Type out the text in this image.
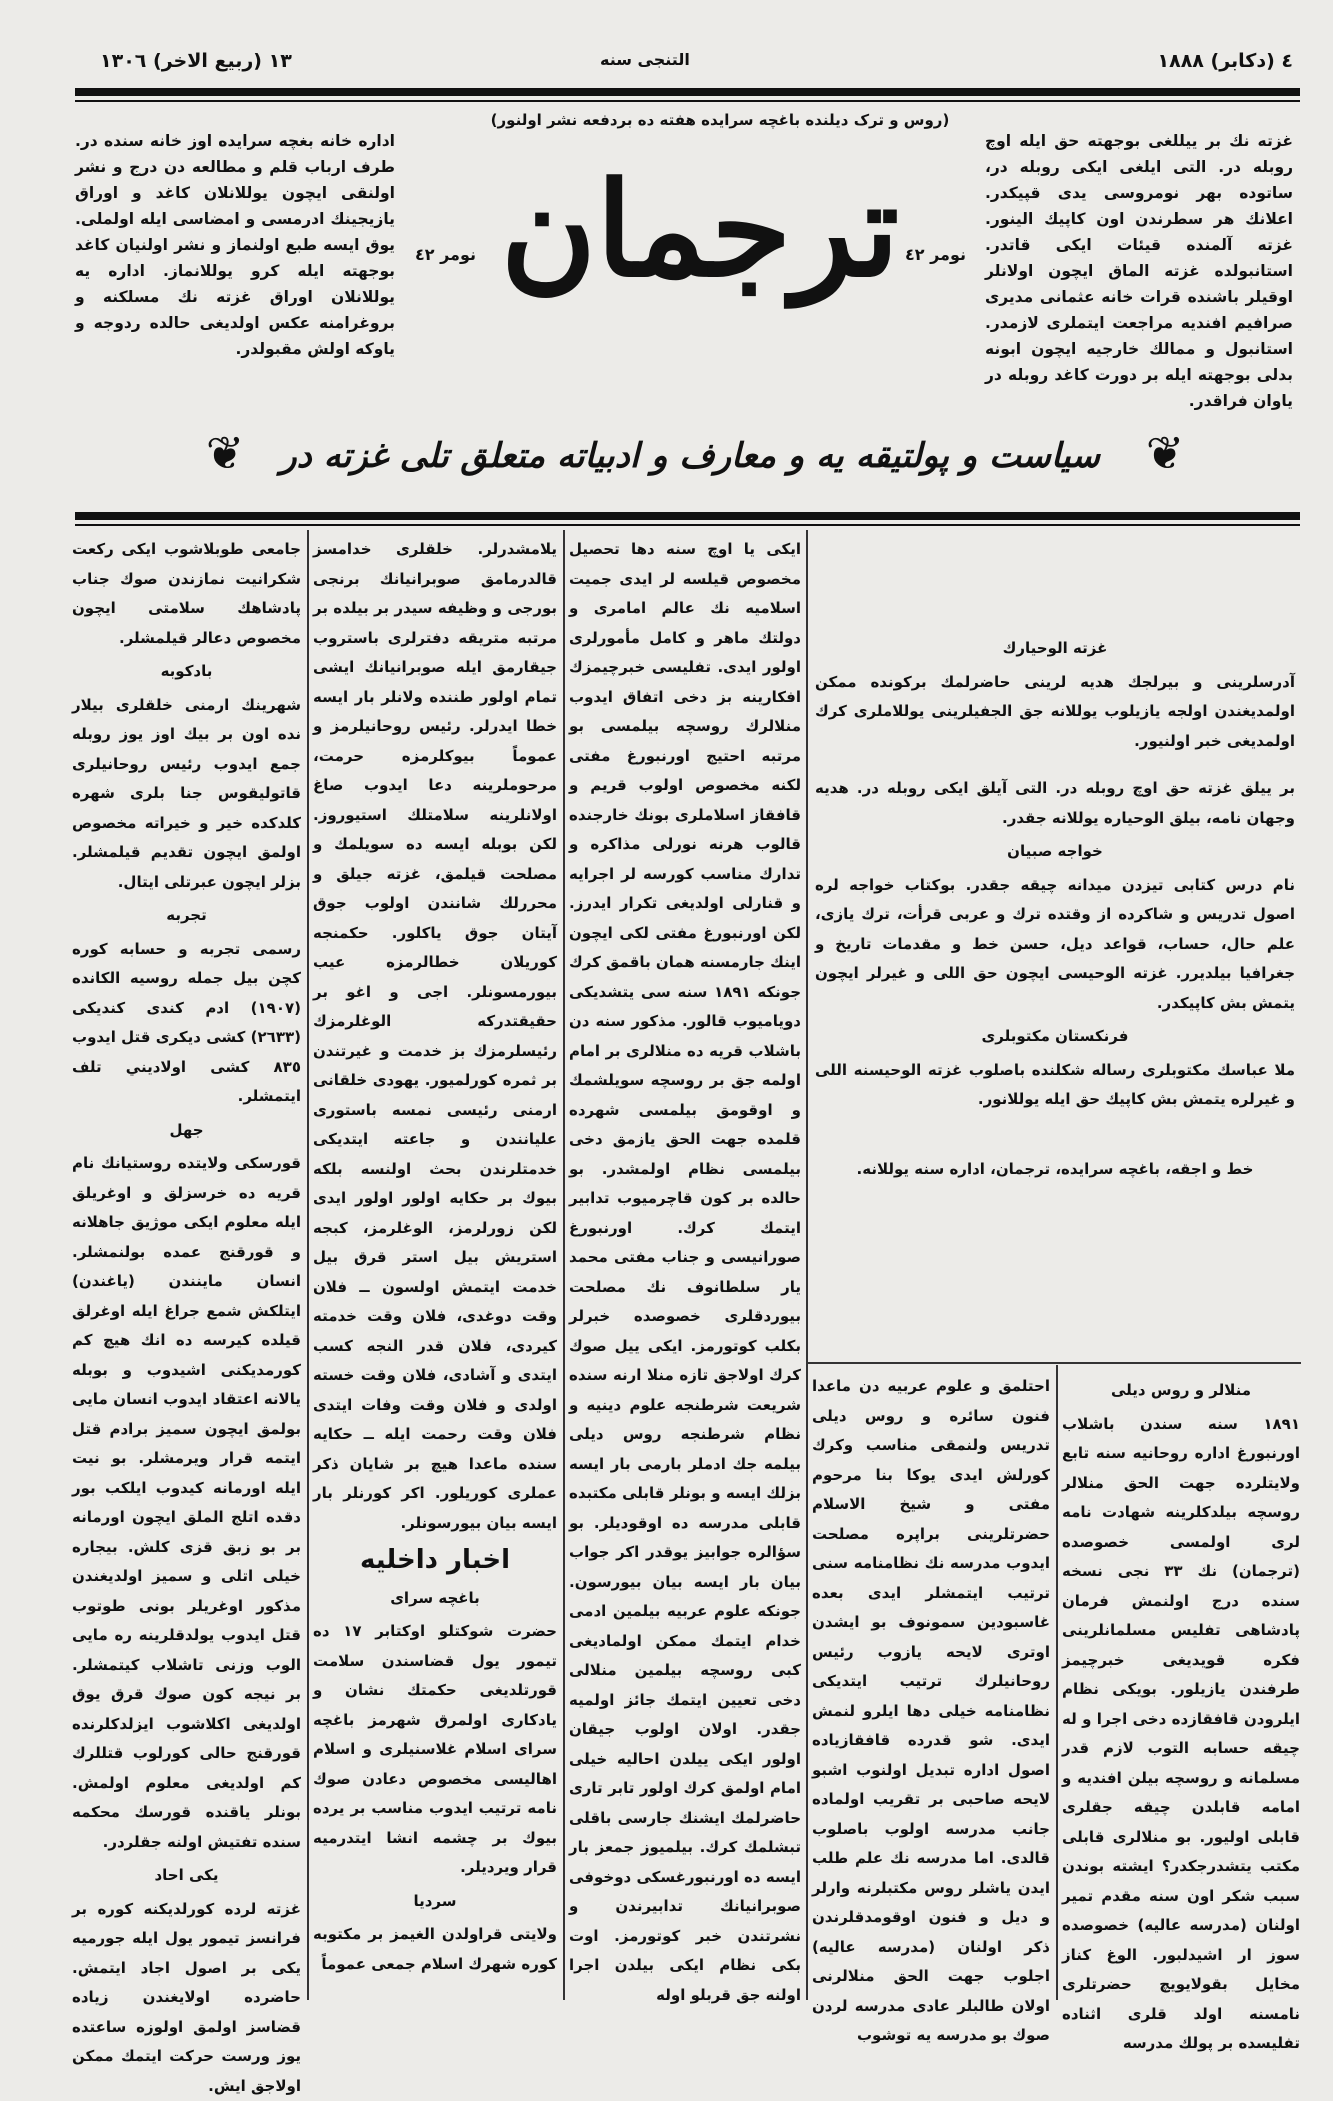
٤ (دكابر) ١٨٨٨
التنجی سنه
١٣ (ربیع الاخر) ١٣٠٦
(روس و ترک دیلنده باغچه سرایده هفته ده بردفعه نشر اولنور)
غزته نك بر ييللغی بوجهته حق ايله اوچ روبله در. التی ايلغی ايكی روبله در، ساتوده بهر نومروسی يدی قپيكدر. اعلانك هر سطرندن اون كاپيك الينور. غزته آلمنده قيئات ايكی قاتدر. استانبولده غزته الماق ايچون اولانلر اوقيلر باشنده قرات خانه عثمانی مديری صرافيم افنديه مراجعت ايتملری لازمدر. استانبول و ممالك خارجيه ايچون ابونه بدلی بوجهته ايله بر دورت كاغد روبله در ياوان فراقدر.
اداره خانه بغچه سرايده اوز خانه سنده در. طرف ارباب قلم و مطالعه دن درج و نشر اولنقی ايچون يوللانلان كاغد و اوراق يازيجينك ادرمسی و امضاسی ايله اولملی. يوق ايسه طبع اولنماز و نشر اولنيان كاغد بوجهته ايله كرو يوللانماز. اداره يه يوللانلان اوراق غزته نك مسلكنه و بروغرامنه عكس اولديغی حالده ردوجه و ياوكه اولش مقبولدر.
ترجمان
نومر ٤٢	نومر ٤٢
❦	❦
سياست و پولتيقه يه و معارف و ادبياته متعلق تلی غزته در
غزته الوحيارك

آدرسلرينی و بيرلجك هديه لرينی حاضرلمك بركونده ممكن اولمدیغندن اولجه يازيلوب يوللانه جق الجفيلرينی يوللاملری كرك اولمديغی خبر اولنيور.

بر ييلق غزته حق اوچ روبله در. التی آيلق ايكی روبله در. هديه وجهان نامه، بيلق الوحياره يوللانه جقدر.

خواجه صبيان

نام درس كتابی تيزدن ميدانه چيقه جقدر. بوكتاب خواجه لره اصول تدريس و شاكرده از وقتده ترك و عربی قرأت، ترك يازی، علم حال، حساب، قواعد ديل، حسن خط و مقدمات تاريخ و جغرافيا بيلديرر. غزته الوحيسی ايچون حق اللی و غيرلر ايچون يتمش بش كاپيكدر.

فرنكستان مكتوبلری

ملا عباسك مكتوبلری رساله شكلنده باصلوب غزته الوحيسنه اللی و غيرلره يتمش بش كاپيك حق ايله يوللانور.

خط و اجقه، باغچه سرايده، ترجمان، اداره سنه يوللانه.

منلالر و روس ديلی

١٨٩١ سنه سندن باشلاب اورنبورغ اداره روحانيه سنه تابع ولايتلرده جهت الحق منلالر روسچه بيلدكلرينه شهادت نامه لری اولمسی خصوصده (ترجمان) نك ٣٣ نجی نسخه سنده درج اولنمش فرمان پادشاهی تفليس مسلمانلرينی فكره قويديغی خبرچيمز طرفندن يازيلور. بويكی نظام ايلرودن قافقازده دخی اجرا و له چيقه حسابه التوب لازم قدر مسلمانه و روسچه بيلن افنديه و امامه قابلدن چيقه جقلری قابلی اوليور. بو منلالری قابلی مكتب يتشدرجكدر؟ ايشته بوندن سبب شكر اون سنه مقدم تمير اولنان (مدرسه عاليه) خصوصده سوز ار اشيدلبور. الوغ كناز مخايل بقولايويچ حضرتلری نامسنه اولد قلری اثناده تفليسده بر پولك مدرسه

احتلمق و علوم عربيه دن ماعدا فنون سائره و روس ديلی تدريس ولنمقی مناسب وكرك كورلش ايدی يوكا بنا مرحوم مفتی و شيخ الاسلام حضرتلرينی براپره مصلحت ايدوب مدرسه نك نظامنامه سنی ترتيب ايتمشلر ايدی بعده غاسبودين سمونوف بو ايشدن اوتری لايحه يازوب رئيس روحانيلرك ترتيب ايتديكی نظامنامه خيلی دها ايلرو لنمش ايدی. شو قدرده قافقازياده اصول اداره تبديل اولنوب اشبو لايحه صاحبی بر تقريب اولماده جانب مدرسه اولوب باصلوب قالدی. اما مدرسه نك علم طلب ايدن ياشلر روس مكتبلرنه وارلر و ديل و فنون اوقومدقلرندن ذكر اولنان (مدرسه عاليه) اجلوب جهت الحق منلالرنی اولان طالبلر عادی مدرسه لردن صوك بو مدرسه يه توشوب

ايكی يا اوچ سنه دها تحصيل مخصوص قيلسه لر ايدی جميت اسلاميه نك عالم امامری و دولتك ماهر و كامل مأمورلری اولور ايدی. تفليسی خبرچيمزك افكارينه بز دخی اتفاق ايدوب منلالرك روسچه بيلمسی بو مرتبه احتيج اورنبورغ مفتی لكنه مخصوص اولوب قريم و قافقاز اسلاملری بونك خارجنده قالوب هرنه نورلی مذاكره و تدارك مناسب كورسه لر اجرايه و قنارلی اولديغی تكرار ايدرز. لكن اورنبورغ مفتی لكی ايچون اينك جارمسنه همان باقمق كرك جونكه ١٨٩١ سنه سی يتشديكی دوياميوب قالور. مذكور سنه دن باشلاب قريه ده منلالری بر امام اولمه جق بر روسچه سويلشمك و اوقومق بيلمسی شهرده قلمده جهت الحق يازمق دخی بيلمسی نظام اولمشدر. بو حالده بر كون قاچرميوب تدابير ايتمك كرك. اورنبورغ صورانيسی و جناب مفتی محمد يار سلطانوف نك مصلحت بيوردقلری خصوصده خبرلر بكلب كوتورمز. ايكی ييل صوك كرك اولاجق تازه منلا ارنه سنده شريعت شرطنجه علوم دينيه و نظام شرطنجه روس ديلی بيلمه جك ادملر بارمی بار ايسه بزلك ايسه و بونلر قابلی مكتبده قابلی مدرسه ده اوقوديلر. بو سؤالره جوابيز يوقدر اكر جواب بيان بار ايسه بيان بيورسون. جونكه علوم عربيه بيلمين ادمی خدام ايتمك ممكن اولماديغی كبی روسچه بيلمين منلالی دخی تعيين ايتمك جائز اولميه جقدر. اولان اولوب جيقان اولور ايكی ييلدن احاليه خيلی امام اولمق كرك اولور تابر تاری حاضرلمك ايشنك جارسی باقلی تبشلمك كرك. بيلميوز جمعز بار ايسه ده اورنبورغسكی دوخوفی صوبرانيانك تدابيرندن و نشرتندن خبر كوتورمز. اوت بكی نظام ايكی بيلدن اجرا اولنه جق قربلو اوله

يلامشدرلر. خلقلری خدامسز قالدرمامق صوبرانيانك برنجی بورجی و وظيفه سيدر بر بيلده بر مرتبه متريقه دفترلری باستروب جيقارمق ايله صوبرانيانك ايشی تمام اولور طننده ولانلر بار ايسه خطا ايدرلر. رئيس روحانيلرمز و عموماً بيوكلرمزه حرمت، مرحوملرينه دعا ايدوب صاغ اولانلرينه سلامتلك استيوروز. لكن بوبله ايسه ده سويلمك و مصلحت قيلمق، غزته جيلق و محررلك شانندن اولوب جوق آيتان جوق ياكلور. حكمنجه كوريلان خطالرمزه عيب بيورمسونلر. اجی و اغو بر حقيقتدركه الوغلرمزك رئيسلرمزك بز خدمت و غيرتندن بر ثمره كورلميور. يهودی خلقانی ارمنی رئيسی نمسه باستوری عليانندن و جاعته ايتديكی خدمتلرندن بحث اولنسه بلكه بيوك بر حكايه اولور اولور ايدی لكن زورلرمز، الوغلرمز، كبجه استريش بيل استر قرق بيل خدمت ايتمش اولسون ــ فلان وقت دوغدی، فلان وقت خدمته كيردی، فلان قدر النجه كسب ايتدی و آشادی، فلان وقت خسته اولدی و فلان وقت وفات ايتدی فلان وقت رحمت ايله ــ حكايه سنده ماعدا هيچ بر شايان ذكر عملری كوريلور. اكر كورنلر بار ايسه بيان بيورسونلر.

اخبار داخليه
باغچه سرای

حضرت شوكتلو اوكتابر ١٧ ده تيمور يول قضاسندن سلامت قورتلديغی حكمتك نشان و يادكاری اولمرق شهرمز باغچه سرای اسلام غلاسنيلری و اسلام اهاليسی مخصوص دعادن صوك نامه ترتيب ايدوب مناسب بر يرده بيوك بر چشمه انشا ايتدرميه قرار ويرديلر.

سرديا

ولايتی قراولدن الغيمز بر مكتوبه كوره شهرك اسلام جمعی عموماً

جامعی طوبلاشوب ايكی ركعت شكرانيت نمازندن صوك جناب پادشاهك سلامتی ايچون مخصوص دعالر قيلمشلر.

بادكوبه

شهرينك ارمنی خلقلری بيلار نده اون بر بيك اوز يوز روبله جمع ايدوب رئيس روحانيلری قاتوليقوس جنا بلری شهره كلدكده خير و خيراته مخصوص اولمق ايچون تقديم قيلمشلر. بزلر ايچون عبرتلی ايتال.

تجربه

رسمی تجربه و حسابه كوره كچن بيل جمله روسيه الكانده (١٩٠٧) ادم كندی كنديكی (٢٦٣٣) كشی ديكری قتل ايدوب ٨٣٥ كشی اولاديني تلف ايتمشلر.

جهل

قورسكی ولايتده روستيانك نام قريه ده خرسزلق و اوغريلق ايله معلوم ايكی موژيق جاهلانه و قورقنج عمده بولنمشلر. انسان ماينندن (ياغندن) ايتلكش شمع جراغ ايله اوغرلق قيلده كيرسه ده انك هيچ كم كورمديكنی اشيدوب و بوبله يالانه اعتقاد ايدوب انسان مايی بولمق ايچون سميز برادم قتل ايتمه قرار ويرمشلر. بو نيت ايله اورمانه كيدوب ايلكب بور دقده اتلج الملق ايچون اورمانه بر بو زبق قزی كلش. بيجاره خيلی اتلی و سميز اولديغندن مذكور اوغريلر بونی طوتوب قتل ايدوب يولدقلرينه ره مايی الوب وزنی تاشلاب كيتمشلر. بر نيجه كون صوك قرق يوق اولديغی اكلاشوب ايزلدكلرنده قورقنج حالی كورلوب قتللرك كم اولديغی معلوم اولمش. بونلر ياقنده قورسك محكمه سنده تفتيش اولنه جقلردر.

يكی احاد

غزته لرده كورلديكنه كوره بر فرانسز تيمور يول ايله جورميه يكی بر اصول اجاد ايتمش. حاضرده اولايغندن زياده قضاسز اولمق اولوزه ساعتده يوز ورست حركت ايتمك ممكن اولاجق ايش.
